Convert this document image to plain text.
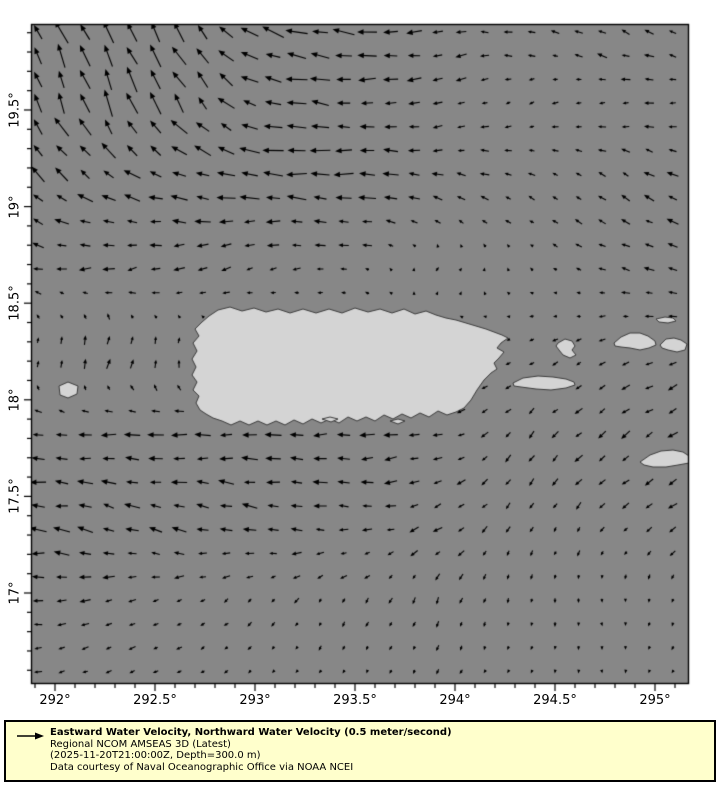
292°	292.5°	293°	293.5°	294°	294.5°	295°
19.5°
19°
18.5°
18°
17.5°
17°
Eastward Water Velocity, Northward Water Velocity (0.5 meter/second)
Regional NCOM AMSEAS 3D (Latest)
(2025-11-20T21:00:00Z, Depth=300.0 m)
Data courtesy of Naval Oceanographic Office via NOAA NCEI
